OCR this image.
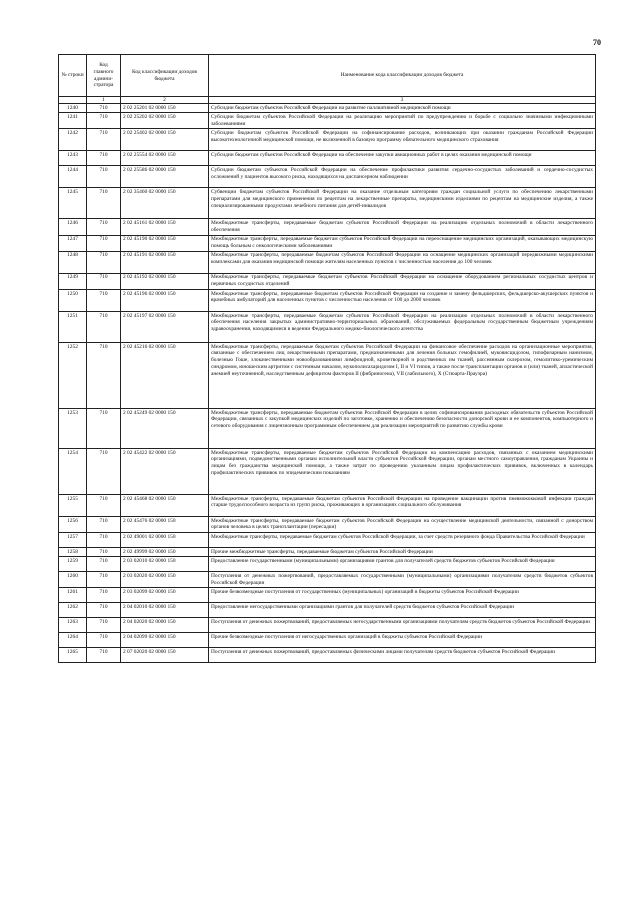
70
№ строки	Код главного админи- стратора	Код классификации доходов бюджета	Наименование кода классификации доходов бюджета
	1	2	3
1240	710	2 02 25201 02 0000 150	Субсидии бюджетам субъектов Российской Федерации на развитие паллиативной медицинской помощи
1241	710	2 02 25202 02 0000 150	Субсидии бюджетам субъектов Российской Федерации на реализацию мероприятий по предупреждению и борьбе с социально значимыми инфекционными заболеваниями
1242	710	2 02 25402 02 0000 150	Субсидии бюджетам субъектов Российской Федерации на софинансирование расходов, возникающих при оказании гражданам Российской Федерации высокотехнологичной медицинской помощи, не включенной в базовую программу обязательного медицинского страхования
1243	710	2 02 25554 02 0000 150	Субсидии бюджетам субъектов Российской Федерации на обеспечение закупки авиационных работ в целях оказания медицинской помощи
1244	710	2 02 25586 02 0000 150	Субсидии бюджетам субъектов Российской Федерации на обеспечение профилактики развития сердечно-сосудистых заболеваний и сердечно-сосудистых осложнений у пациентов высокого риска, находящихся на диспансерном наблюдении
1245	710	2 02 35460 02 0000 150	Субвенции бюджетам субъектов Российской Федерации на оказание отдельным категориям граждан социальной услуги по обеспечению лекарственными препаратами для медицинского применения по рецептам на лекарственные препараты, медицинскими изделиями по рецептам на медицинские изделия, а также специализированными продуктами лечебного питания для детей-инвалидов
1246	710	2 02 45161 02 0000 150	Межбюджетные трансферты, передаваемые бюджетам субъектов Российской Федерации на реализацию отдельных полномочий в области лекарственного обеспечения
1247	710	2 02 45190 02 0000 150	Межбюджетные трансферты, передаваемые бюджетам субъектов Российской Федерации на переоснащение медицинских организаций, оказывающих медицинскую помощь больным с онкологическими заболеваниями
1248	710	2 02 45191 02 0000 150	Межбюджетные трансферты, передаваемые бюджетам субъектов Российской Федерации на оснащение медицинских организаций передвижными медицинскими комплексами для оказания медицинской помощи жителям населенных пунктов с численностью населения до 100 человек
1249	710	2 02 45192 02 0000 150	Межбюджетные трансферты, передаваемые бюджетам субъектов Российской Федерации на оснащение оборудованием региональных сосудистых центров и первичных сосудистых отделений
1250	710	2 02 45196 02 0000 150	Межбюджетные трансферты, передаваемые бюджетам субъектов Российской Федерации на создание и замену фельдшерских, фельдшерско-акушерских пунктов и врачебных амбулаторий для населенных пунктов с численностью населения от 100 до 2000 человек
1251	710	2 02 45197 02 0000 150	Межбюджетные трансферты, передаваемые бюджетам субъектов Российской Федерации на реализацию отдельных полномочий в области лекарственного обеспечения населения закрытых административно-территориальных образований, обслуживаемых федеральным государственным бюджетным учреждениям здравоохранения, находящимися в ведении Федерального медико-биологического агентства
1252	710	2 02 45216 02 0000 150	Межбюджетные трансферты, передаваемые бюджетам субъектов Российской Федерации на финансовое обеспечение расходов на организационные мероприятия, связанные с обеспечением лиц лекарственными препаратами, предназначенными для лечения больных гемофилией, муковисцидозом, гипофизарным нанизмом, болезнью Гоше, злокачественными новообразованиями лимфоидной, кроветворной и родственных им тканей, рассеянным склерозом, гемолитико-уремическим синдромом, юношеским артритом с системным началом, мукополисахаридозом I, II и VI типов, а также после трансплантации органов и (или) тканей, апластической анемией неуточненной, наследственным дефицитом факторов II (фибриногена), VII (лабильного), X (Стюарта-Прауэра)
1253	710	2 02 45249 02 0000 150	Межбюджетные трансферты, передаваемые бюджетам субъектов Российской Федерации в целях софинансирования расходных обязательств субъектов Российской Федерации, связанных с закупкой медицинских изделий по заготовке, хранению и обеспечению безопасности донорской крови и ее компонентов, компьютерного и сетевого оборудования с лицензионным программным обеспечением для реализации мероприятий по развитию службы крови
1254	710	2 02 45422 02 0000 150	Межбюджетные трансферты, передаваемые бюджетам субъектов Российской Федерации на компенсацию расходов, связанных с оказанием медицинскими организациями, подведомственными органам исполнительной власти субъектов Российской Федерации, органам местного самоуправления, гражданам Украины и лицам без гражданства медицинской помощи, а также затрат по проведению указанным лицам профилактических прививок, включенных в календарь профилактических прививок по эпидемическим показаниям
1255	710	2 02 45468 02 0000 150	Межбюджетные трансферты, передаваемые бюджетам субъектов Российской Федерации на проведение вакцинации против пневмококковой инфекции граждан старше трудоспособного возраста из групп риска, проживающих в организациях социального обслуживания
1256	710	2 02 45476 02 0000 150	Межбюджетные трансферты, передаваемые бюджетам субъектов Российской Федерации на осуществление медицинской деятельности, связанной с донорством органов человека в целях трансплантации (пересадки)
1257	710	2 02 49001 02 0000 150	Межбюджетные трансферты, передаваемые бюджетам субъектов Российской Федерации, за счет средств резервного фонда Правительства Российской Федерации
1258	710	2 02 49999 02 0000 150	Прочие межбюджетные трансферты, передаваемые бюджетам субъектов Российской Федерации
1259	710	2 03 02010 02 0000 150	Предоставление государственными (муниципальными) организациями грантов для получателей средств бюджетов субъектов Российской Федерации
1260	710	2 03 02020 02 0000 150	Поступления от денежных пожертвований, предоставляемых государственными (муниципальными) организациями получателям средств бюджетов субъектов Российской Федерации
1261	710	2 03 02099 02 0000 150	Прочие безвозмездные поступления от государственных (муниципальных) организаций в бюджеты субъектов Российской Федерации
1262	710	2 04 02010 02 0000 150	Предоставление негосударственными организациями грантов для получателей средств бюджетов субъектов Российской Федерации
1263	710	2 04 02020 02 0000 150	Поступления от денежных пожертвований, предоставляемых негосударственными организациями получателям средств бюджетов субъектов Российской Федерации
1264	710	2 04 02099 02 0000 150	Прочие безвозмездные поступления от негосударственных организаций в бюджеты субъектов Российской Федерации
1265	710	2 07 02020 02 0000 150	Поступления от денежных пожертвований, предоставляемых физическими лицами получателям средств бюджетов субъектов Российской Федерации
